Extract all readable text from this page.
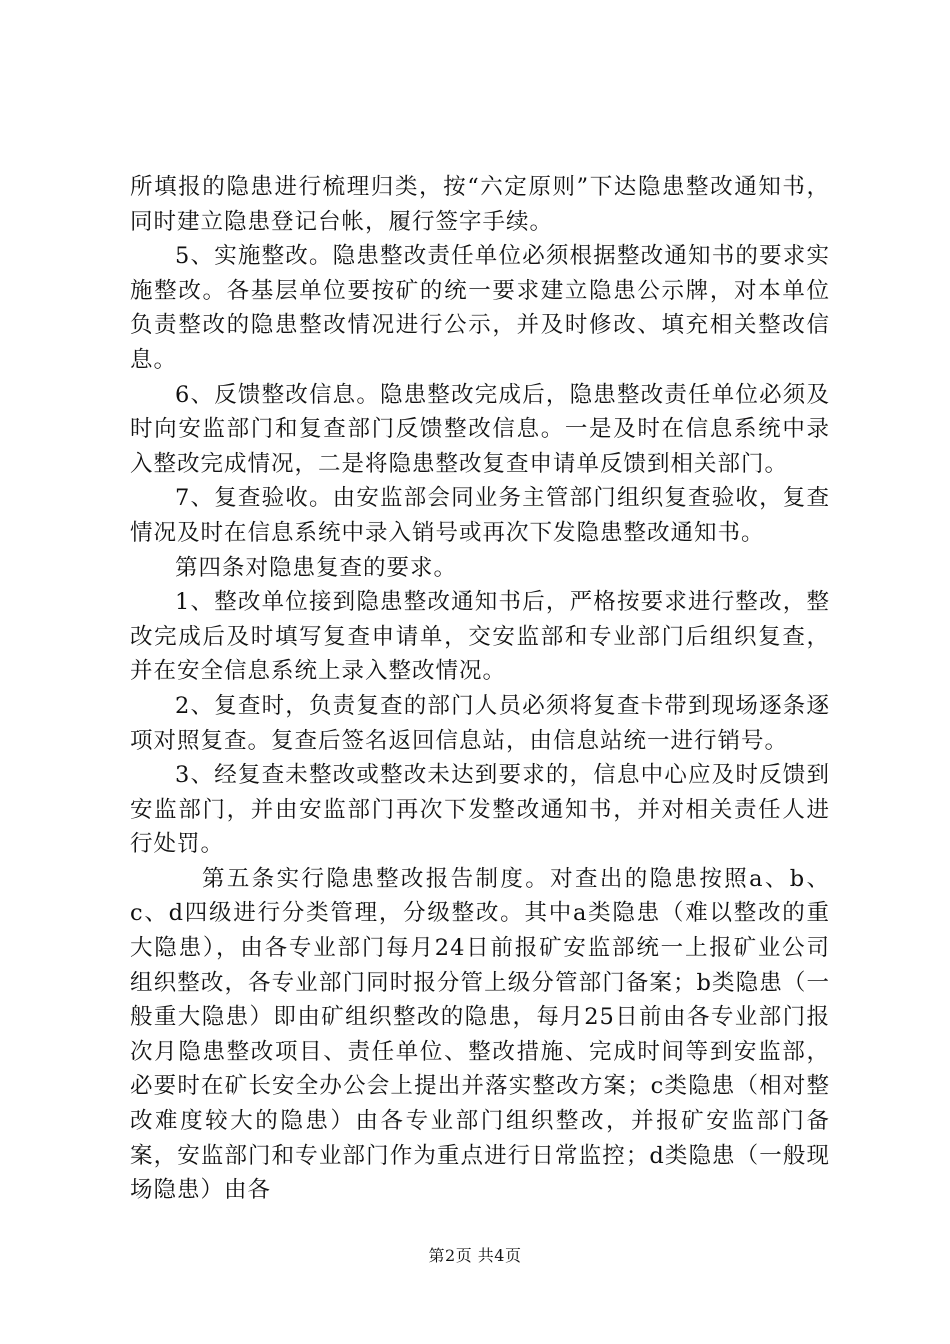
所填报的隐患进行梳理归类，按“六定原则”下达隐患整改通知书，同时建立隐患登记台帐，履行签字手续。

5、实施整改。隐患整改责任单位必须根据整改通知书的要求实施整改。各基层单位要按矿的统一要求建立隐患公示牌，对本单位负责整改的隐患整改情况进行公示，并及时修改、填充相关整改信息。

6、反馈整改信息。隐患整改完成后，隐患整改责任单位必须及时向安监部门和复查部门反馈整改信息。一是及时在信息系统中录入整改完成情况，二是将隐患整改复查申请单反馈到相关部门。

7、复查验收。由安监部会同业务主管部门组织复查验收，复查情况及时在信息系统中录入销号或再次下发隐患整改通知书。

第四条对隐患复查的要求。

1、整改单位接到隐患整改通知书后，严格按要求进行整改，整改完成后及时填写复查申请单，交安监部和专业部门后组织复查，并在安全信息系统上录入整改情况。

2、复查时，负责复查的部门人员必须将复查卡带到现场逐条逐项对照复查。复查后签名返回信息站，由信息站统一进行销号。

3、经复查未整改或整改未达到要求的，信息中心应及时反馈到安监部门，并由安监部门再次下发整改通知书，并对相关责任人进行处罚。

第五条实行隐患整改报告制度。对查出的隐患按照a、b、c、d四级进行分类管理，分级整改。其中a类隐患（难以整改的重大隐患），由各专业部门每月24日前报矿安监部统一上报矿业公司组织整改，各专业部门同时报分管上级分管部门备案；b类隐患（一般重大隐患）即由矿组织整改的隐患，每月25日前由各专业部门报次月隐患整改项目、责任单位、整改措施、完成时间等到安监部，必要时在矿长安全办公会上提出并落实整改方案；c类隐患（相对整改难度较大的隐患）由各专业部门组织整改，并报矿安监部门备案，安监部门和专业部门作为重点进行日常监控；d类隐患（一般现场隐患）由各

第2页 共4页
